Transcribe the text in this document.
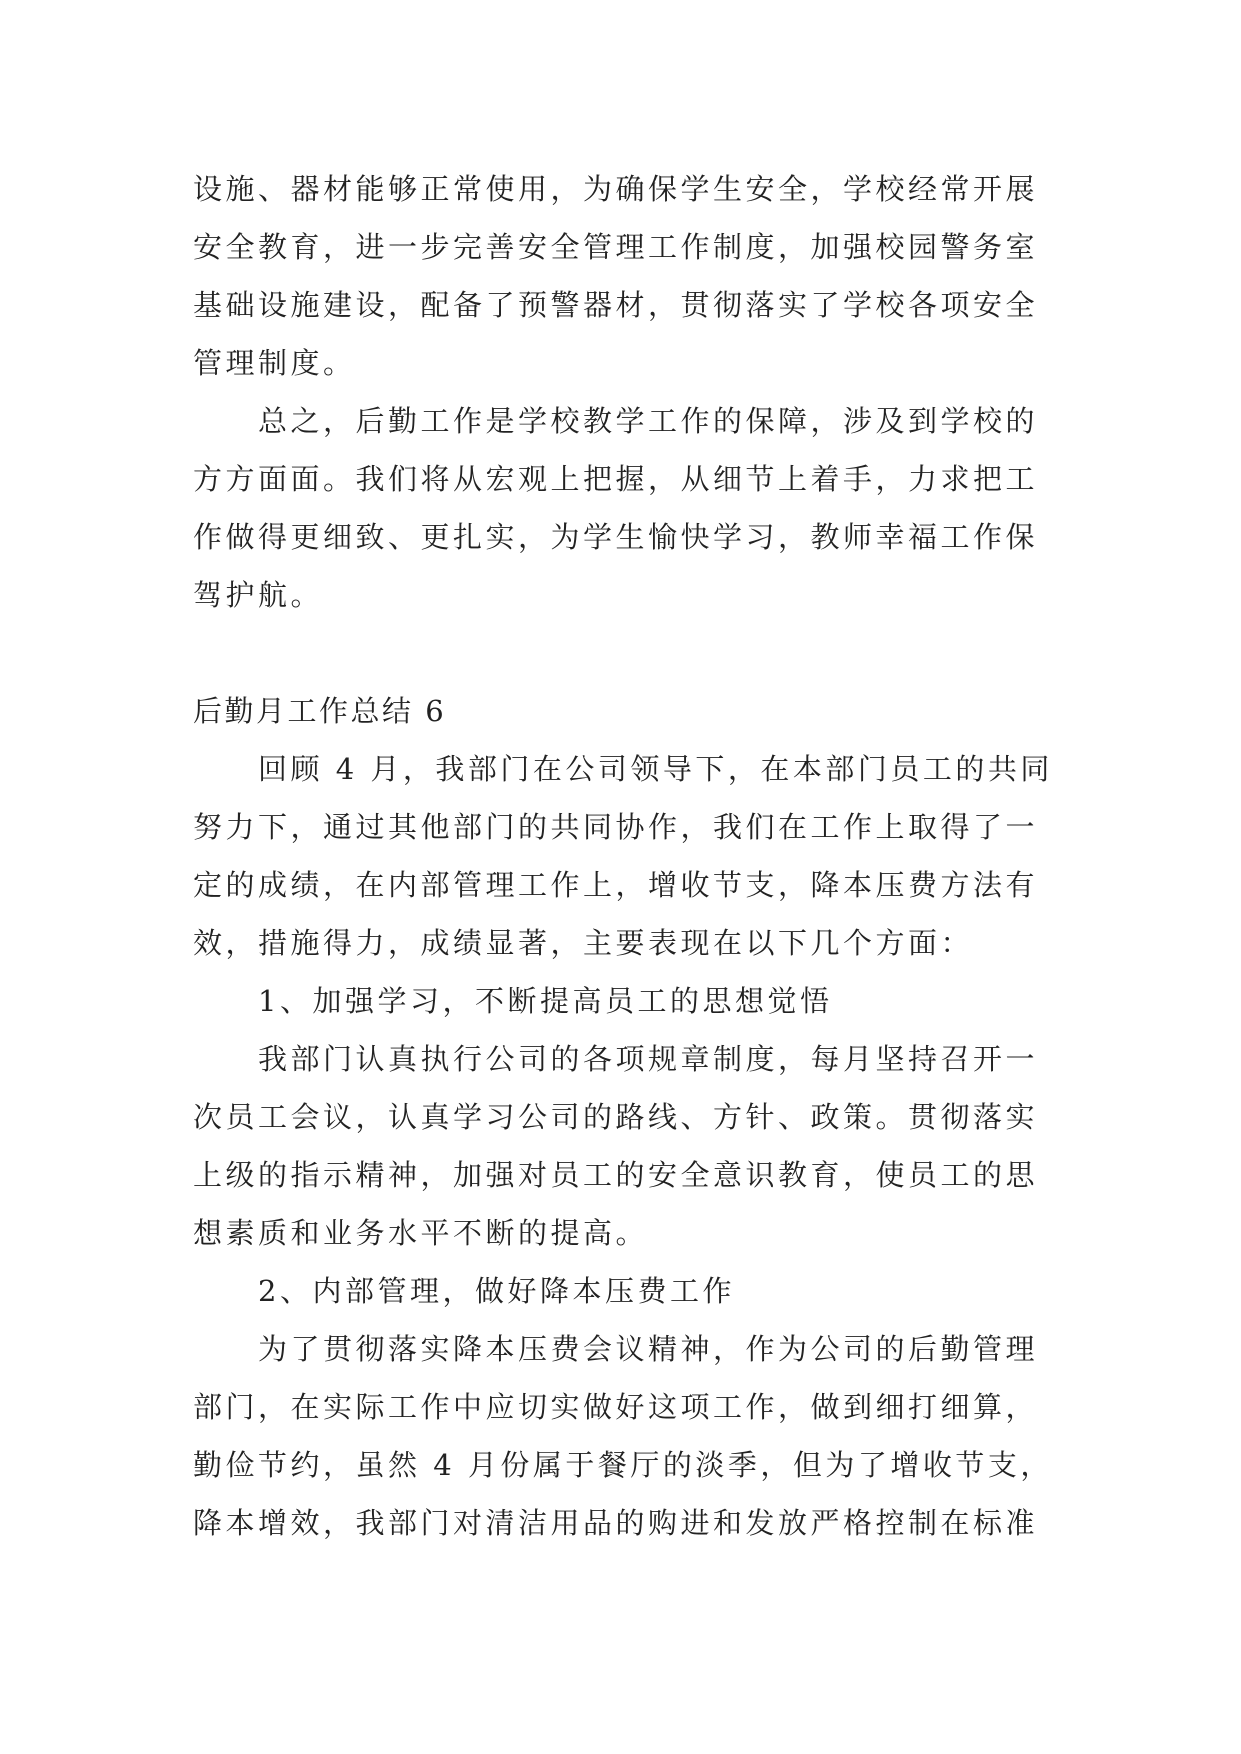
设施、器材能够正常使用，为确保学生安全，学校经常开展
安全教育，进一步完善安全管理工作制度，加强校园警务室
基础设施建设，配备了预警器材，贯彻落实了学校各项安全
管理制度。
总之，后勤工作是学校教学工作的保障，涉及到学校的
方方面面。我们将从宏观上把握，从细节上着手，力求把工
作做得更细致、更扎实，为学生愉快学习，教师幸福工作保
驾护航。
后勤月工作总结 6
回顾 4 月，我部门在公司领导下，在本部门员工的共同
努力下，通过其他部门的共同协作，我们在工作上取得了一
定的成绩，在内部管理工作上，增收节支，降本压费方法有
效，措施得力，成绩显著，主要表现在以下几个方面：
1、加强学习，不断提高员工的思想觉悟
我部门认真执行公司的各项规章制度，每月坚持召开一
次员工会议，认真学习公司的路线、方针、政策。贯彻落实
上级的指示精神，加强对员工的安全意识教育，使员工的思
想素质和业务水平不断的提高。
2、内部管理，做好降本压费工作
为了贯彻落实降本压费会议精神，作为公司的后勤管理
部门，在实际工作中应切实做好这项工作，做到细打细算，
勤俭节约，虽然 4 月份属于餐厅的淡季，但为了增收节支，
降本增效，我部门对清洁用品的购进和发放严格控制在标准
